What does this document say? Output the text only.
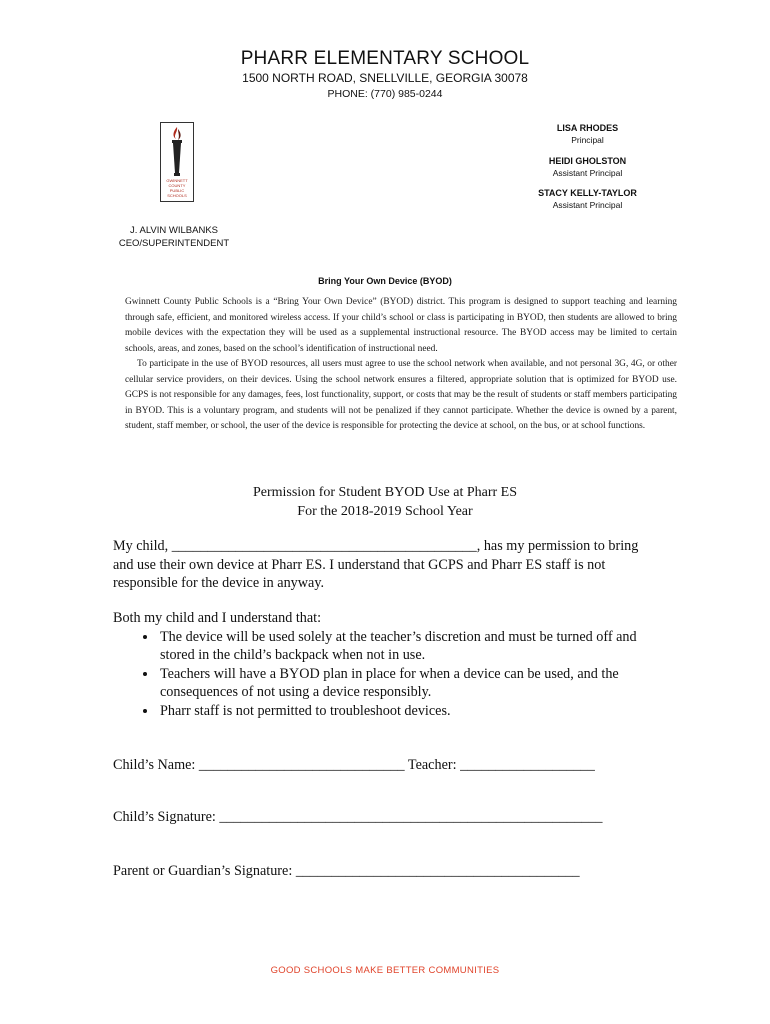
PHARR ELEMENTARY SCHOOL
1500 NORTH ROAD, SNELLVILLE, GEORGIA 30078
PHONE: (770) 985-0244
GWINNETT COUNTY PUBLIC SCHOOLS
LISA RHODES
Principal
HEIDI GHOLSTON
Assistant Principal
STACY KELLY-TAYLOR
Assistant Principal
J. ALVIN WILBANKS
CEO/SUPERINTENDENT
Bring Your Own Device (BYOD)

Gwinnett County Public Schools is a “Bring Your Own Device” (BYOD) district. This program is designed to support teaching and learning through safe, efficient, and monitored wireless access. If your child’s school or class is participating in BYOD, then students are allowed to bring mobile devices with the expectation they will be used as a supplemental instructional resource. The BYOD access may be limited to certain schools, areas, and zones, based on the school’s identification of instructional need.

To participate in the use of BYOD resources, all users must agree to use the school network when available, and not personal 3G, 4G, or other cellular service providers, on their devices. Using the school network ensures a filtered, appropriate solution that is optimized for BYOD use. GCPS is not responsible for any damages, fees, lost functionality, support, or costs that may be the result of students or staff members participating in BYOD. This is a voluntary program, and students will not be penalized if they cannot participate. Whether the device is owned by a parent, student, staff member, or school, the user of the device is responsible for protecting the device at school, on the bus, or at school functions.

Permission for Student BYOD Use at Pharr ES
For the 2018-2019 School Year
My child, ___________________________________________, has my permission to bring and use their own device at Pharr ES. I understand that GCPS and Pharr ES staff is not responsible for the device in anyway.
Both my child and I understand that:
• The device will be used solely at the teacher’s discretion and must be turned off and stored in the child’s backpack when not in use.
• Teachers will have a BYOD plan in place for when a device can be used, and the consequences of not using a device responsibly.
• Pharr staff is not permitted to troubleshoot devices.
Child’s Name: _____________________________ Teacher: ___________________
Child’s Signature: ______________________________________________________
Parent or Guardian’s Signature: ________________________________________
GOOD SCHOOLS MAKE BETTER COMMUNITIES
